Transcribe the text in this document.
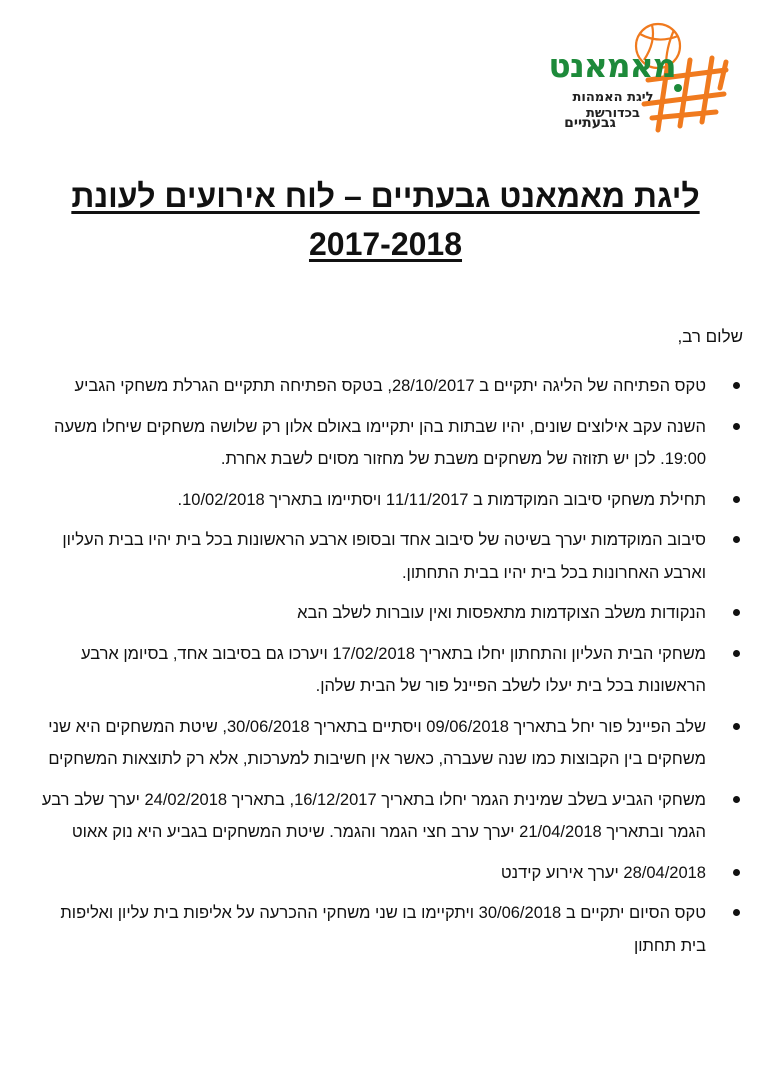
מאמאנט
ליגת האמהות בכדורשת
גבעתיים
ליגת מאמאנט גבעתיים – לוח אירועים לעונת
2017-2018
שלום רב,
טקס הפתיחה של הליגה יתקיים ב 28/10/2017, בטקס הפתיחה תתקיים הגרלת משחקי הגביע
השנה עקב אילוצים שונים, יהיו שבתות בהן יתקיימו באולם אלון רק שלושה משחקים שיחלו משעה 19:00. לכן יש תזוזה של משחקים משבת של מחזור מסוים לשבת אחרת.
תחילת משחקי סיבוב המוקדמות ב 11/11/2017 ויסתיימו בתאריך 10/02/2018.
סיבוב המוקדמות יערך בשיטה של סיבוב אחד ובסופו ארבע הראשונות בכל בית יהיו בבית העליון וארבע האחרונות בכל בית יהיו בבית התחתון.
הנקודות משלב הצוקדמות מתאפסות ואין עוברות לשלב הבא
משחקי הבית העליון והתחתון יחלו בתאריך 17/02/2018 ויערכו גם בסיבוב אחד, בסיומן ארבע הראשונות בכל בית יעלו לשלב הפיינל פור של הבית שלהן.
שלב הפיינל פור יחל בתאריך 09/06/2018 ויסתיים בתאריך 30/06/2018, שיטת המשחקים היא שני משחקים בין הקבוצות כמו שנה שעברה, כאשר אין חשיבות למערכות, אלא רק לתוצאות המשחקים
משחקי הגביע בשלב שמינית הגמר יחלו בתאריך 16/12/2017, בתאריך 24/02/2018 יערך שלב רבע הגמר ובתאריך 21/04/2018 יערך ערב חצי הגמר והגמר. שיטת המשחקים בגביע היא נוק אאוט
28/04/2018 יערך אירוע קידנט
טקס הסיום יתקיים ב 30/06/2018 ויתקיימו בו שני משחקי ההכרעה על אליפות בית עליון ואליפות בית תחתון
